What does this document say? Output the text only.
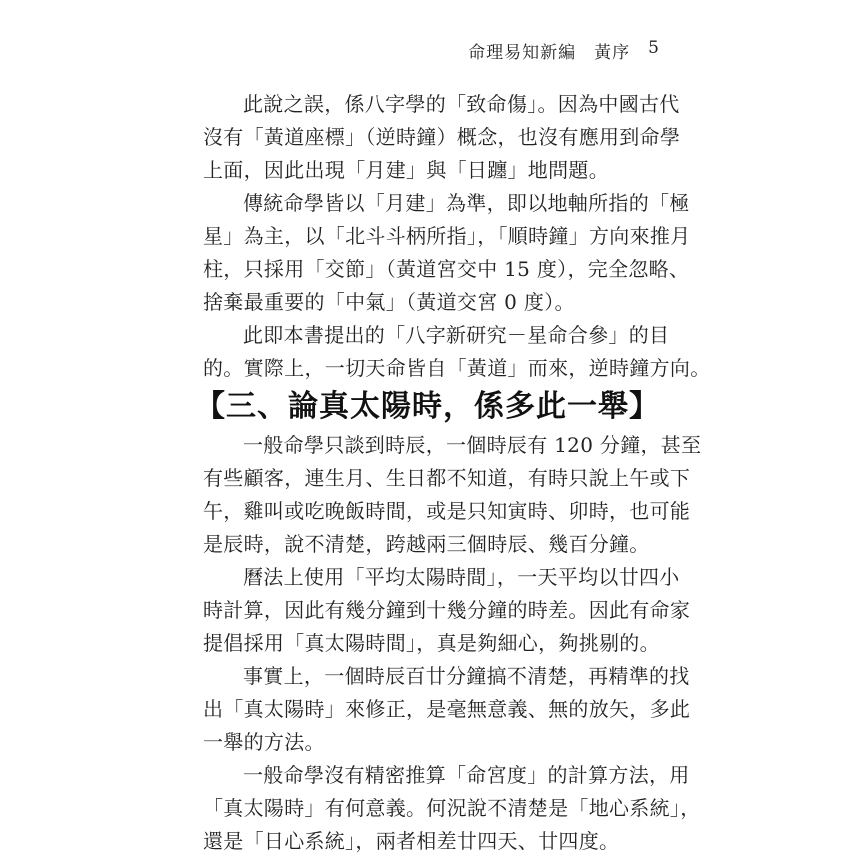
命理易知新編 黃序 5
此說之誤，係八字學的「致命傷」。因為中國古代
沒有「黃道座標」（逆時鐘）概念，也沒有應用到命學
上面，因此出現「月建」與「日躔」地問題。
傳統命學皆以「月建」為準，即以地軸所指的「極
星」為主，以「北斗斗柄所指」，「順時鐘」方向來推月
柱，只採用「交節」（黃道宮交中 15 度），完全忽略、
捨棄最重要的「中氣」（黃道交宮 0 度）。
此即本書提出的「八字新研究－星命合參」的目
的。實際上，一切天命皆自「黃道」而來，逆時鐘方向。
【三、論真太陽時，係多此一舉】
一般命學只談到時辰，一個時辰有 120 分鐘，甚至
有些顧客，連生月、生日都不知道，有時只說上午或下
午，雞叫或吃晚飯時間，或是只知寅時、卯時，也可能
是辰時，說不清楚，跨越兩三個時辰、幾百分鐘。
曆法上使用「平均太陽時間」，一天平均以廿四小
時計算，因此有幾分鐘到十幾分鐘的時差。因此有命家
提倡採用「真太陽時間」，真是夠細心，夠挑剔的。
事實上，一個時辰百廿分鐘搞不清楚，再精準的找
出「真太陽時」來修正，是毫無意義、無的放矢，多此
一舉的方法。
一般命學沒有精密推算「命宮度」的計算方法，用
「真太陽時」有何意義。何況說不清楚是「地心系統」，
還是「日心系統」，兩者相差廿四天、廿四度。
